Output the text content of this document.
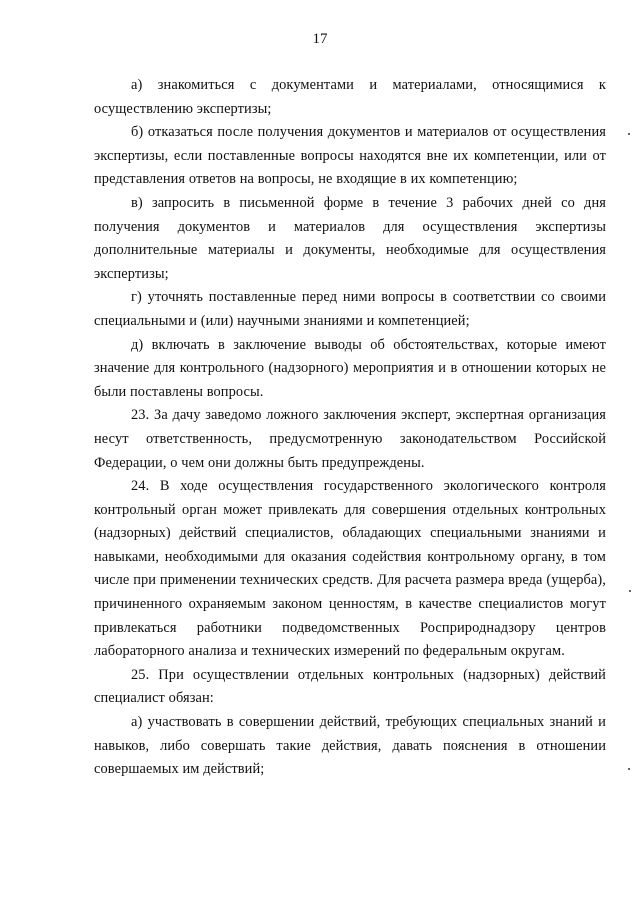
17

а) знакомиться с документами и материалами, относящимися к осуществлению экспертизы;

б) отказаться после получения документов и материалов от осуществления экспертизы, если поставленные вопросы находятся вне их компетенции, или от представления ответов на вопросы, не входящие в их компетенцию;

в) запросить в письменной форме в течение 3 рабочих дней со дня получения документов и материалов для осуществления экспертизы дополнительные материалы и документы, необходимые для осуществления экспертизы;

г) уточнять поставленные перед ними вопросы в соответствии со своими специальными и (или) научными знаниями и компетенцией;

д) включать в заключение выводы об обстоятельствах, которые имеют значение для контрольного (надзорного) мероприятия и в отношении которых не были поставлены вопросы.

23. За дачу заведомо ложного заключения эксперт, экспертная организация несут ответственность, предусмотренную законодательством Российской Федерации, о чем они должны быть предупреждены.

24. В ходе осуществления государственного экологического контроля контрольный орган может привлекать для совершения отдельных контрольных (надзорных) действий специалистов, обладающих специальными знаниями и навыками, необходимыми для оказания содействия контрольному органу, в том числе при применении технических средств. Для расчета размера вреда (ущерба), причиненного охраняемым законом ценностям, в качестве специалистов могут привлекаться работники подведомственных Росприроднадзору центров лабораторного анализа и технических измерений по федеральным округам.

25. При осуществлении отдельных контрольных (надзорных) действий специалист обязан:

а) участвовать в совершении действий, требующих специальных знаний и навыков, либо совершать такие действия, давать пояснения в отношении совершаемых им действий;
